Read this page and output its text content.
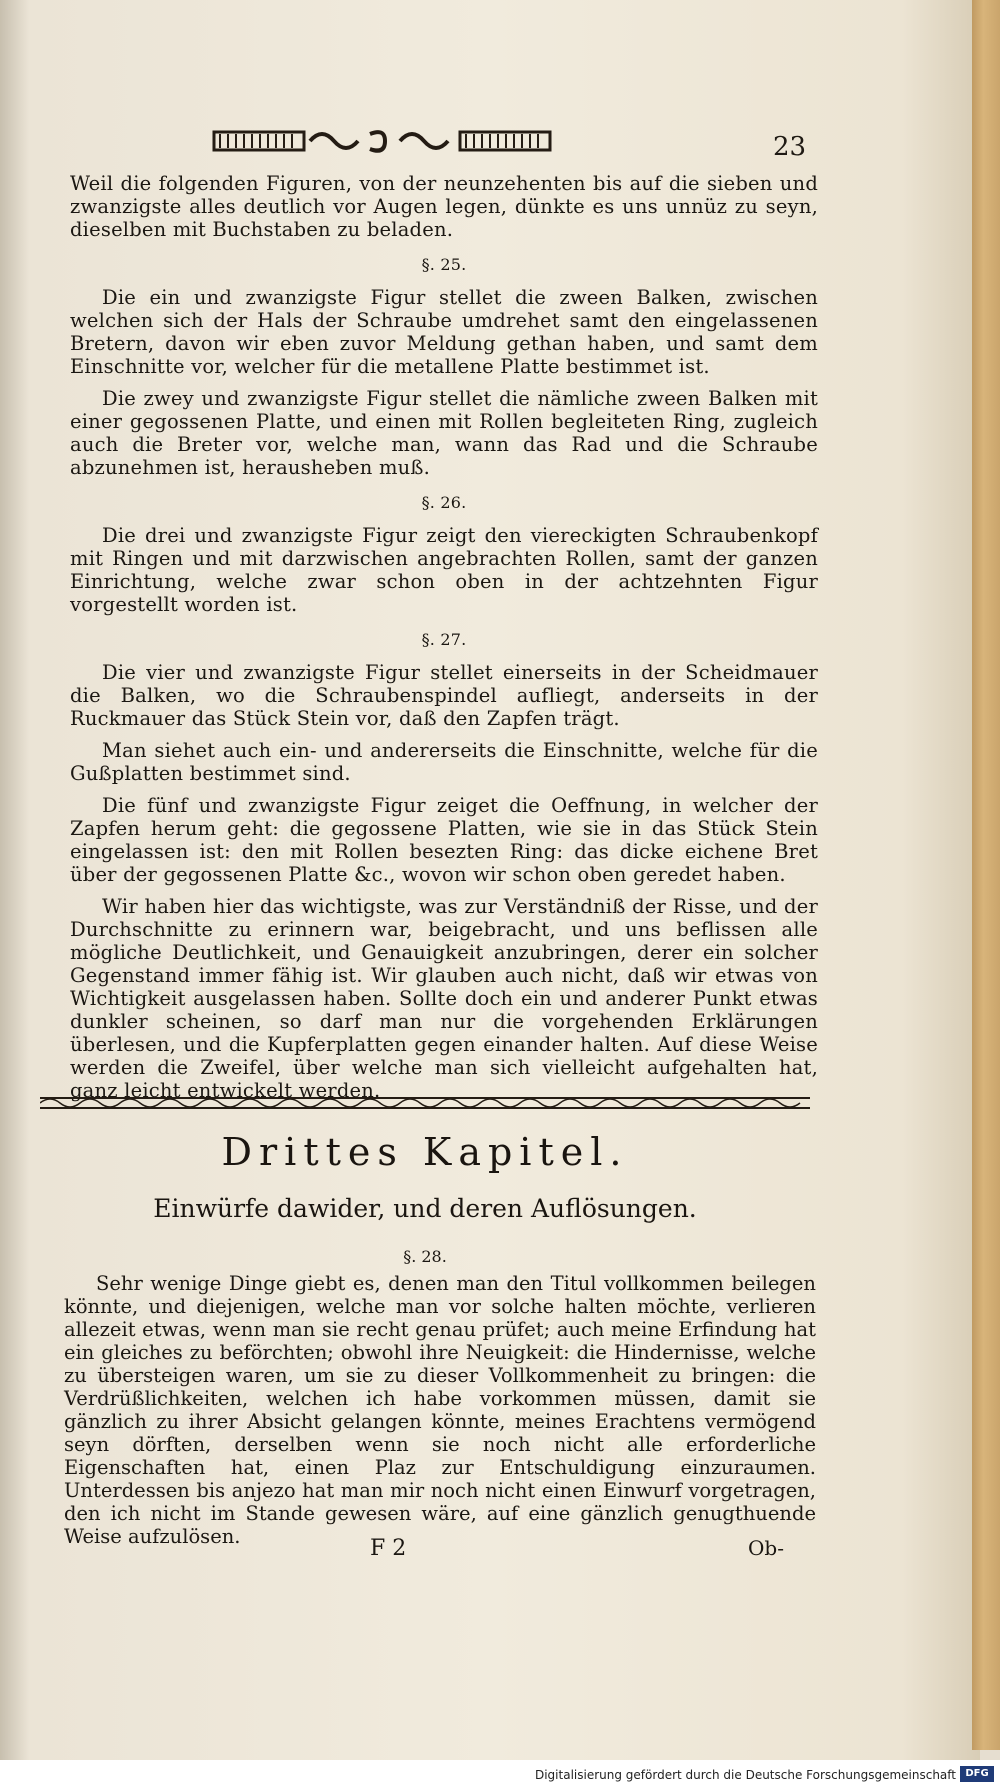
23

Weil die folgenden Figuren, von der neunzehenten bis auf die sieben und zwanzigste alles deutlich vor Augen legen, dünkte es uns unnüz zu seyn, dieselben mit Buchstaben zu beladen.

§. 25.

Die ein und zwanzigste Figur stellet die zween Balken, zwischen welchen sich der Hals der Schraube umdrehet samt den eingelassenen Bretern, davon wir eben zuvor Meldung gethan haben, und samt dem Einschnitte vor, welcher für die metallene Platte bestimmet ist.

Die zwey und zwanzigste Figur stellet die nämliche zween Balken mit einer gegossenen Platte, und einen mit Rollen begleiteten Ring, zugleich auch die Breter vor, welche man, wann das Rad und die Schraube abzunehmen ist, herausheben muß.

§. 26.

Die drei und zwanzigste Figur zeigt den viereckigten Schraubenkopf mit Ringen und mit darzwischen angebrachten Rollen, samt der ganzen Einrichtung, welche zwar schon oben in der achtzehnten Figur vorgestellt worden ist.

§. 27.

Die vier und zwanzigste Figur stellet einerseits in der Scheidmauer die Balken, wo die Schraubenspindel aufliegt, anderseits in der Ruckmauer das Stück Stein vor, daß den Zapfen trägt.

Man siehet auch ein- und andererseits die Einschnitte, welche für die Gußplatten bestimmet sind.

Die fünf und zwanzigste Figur zeiget die Oeffnung, in welcher der Zapfen herum geht: die gegossene Platten, wie sie in das Stück Stein eingelassen ist: den mit Rollen besezten Ring: das dicke eichene Bret über der gegossenen Platte &c., wovon wir schon oben geredet haben.

Wir haben hier das wichtigste, was zur Verständniß der Risse, und der Durchschnitte zu erinnern war, beigebracht, und uns beflissen alle mögliche Deutlichkeit, und Genauigkeit anzubringen, derer ein solcher Gegenstand immer fähig ist. Wir glauben auch nicht, daß wir etwas von Wichtigkeit ausgelassen haben. Sollte doch ein und anderer Punkt etwas dunkler scheinen, so darf man nur die vorgehenden Erklärungen überlesen, und die Kupferplatten gegen einander halten. Auf diese Weise werden die Zweifel, über welche man sich vielleicht aufgehalten hat, ganz leicht entwickelt werden.

Drittes Kapitel.
Einwürfe dawider, und deren Auflösungen.
§. 28.

Sehr wenige Dinge giebt es, denen man den Titul vollkommen beilegen könnte, und diejenigen, welche man vor solche halten möchte, verlieren allezeit etwas, wenn man sie recht genau prüfet; auch meine Erfindung hat ein gleiches zu beförchten; obwohl ihre Neuigkeit: die Hindernisse, welche zu übersteigen waren, um sie zu dieser Vollkommenheit zu bringen: die Verdrüßlichkeiten, welchen ich habe vorkommen müssen, damit sie gänzlich zu ihrer Absicht gelangen könnte, meines Erachtens vermögend seyn dörften, derselben wenn sie noch nicht alle erforderliche Eigenschaften hat, einen Plaz zur Entschuldigung einzuraumen. Unterdessen bis anjezo hat man mir noch nicht einen Einwurf vorgetragen, den ich nicht im Stande gewesen wäre, auf eine gänzlich genugthuende Weise aufzulösen.	F 2	Ob-
Digitalisierung gefördert durch die Deutsche Forschungsgemeinschaft DFG
